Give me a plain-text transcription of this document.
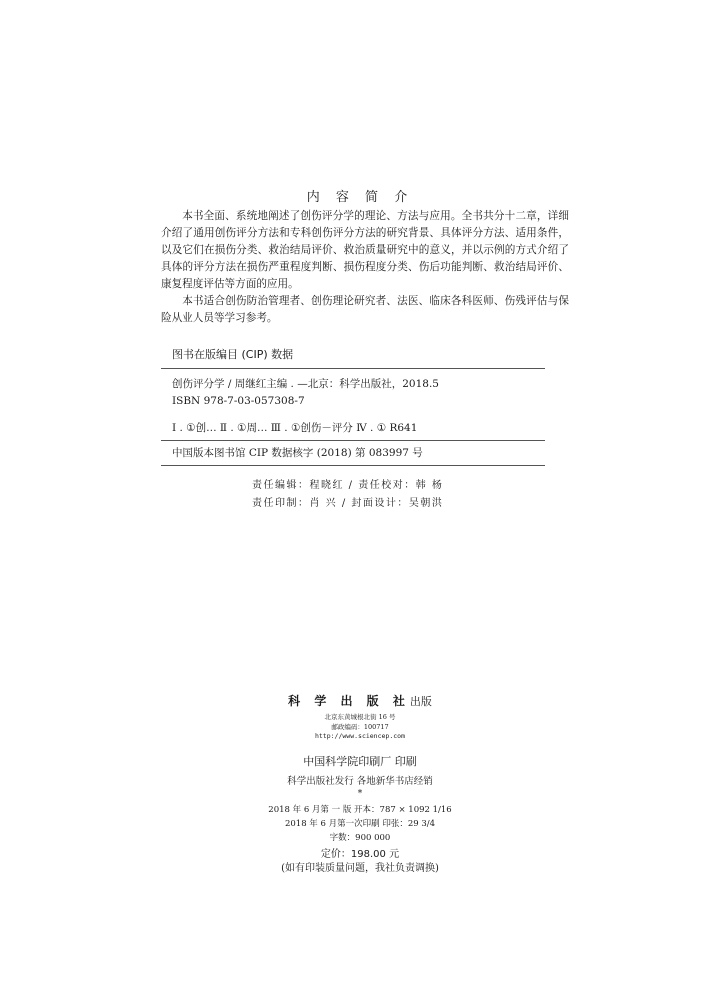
内 容 简 介

本书全面、系统地阐述了创伤评分学的理论、方法与应用。全书共分十二章，详细介绍了通用创伤评分方法和专科创伤评分方法的研究背景、具体评分方法、适用条件，以及它们在损伤分类、救治结局评价、救治质量研究中的意义，并以示例的方式介绍了具体的评分方法在损伤严重程度判断、损伤程度分类、伤后功能判断、救治结局评价、康复程度评估等方面的应用。

本书适合创伤防治管理者、创伤理论研究者、法医、临床各科医师、伤残评估与保险从业人员等学习参考。

图书在版编目 (CIP) 数据
创伤评分学 / 周继红主编 . —北京：科学出版社，2018.5
ISBN 978-7-03-057308-7
Ⅰ . ①创… Ⅱ . ①周… Ⅲ . ①创伤－评分 Ⅳ . ① R641
中国版本图书馆 CIP 数据核字 (2018) 第 083997 号
责任编辑：程晓红 / 责任校对：韩 杨
责任印制：肖 兴 / 封面设计：吴朝洪
科 学 出 版 社出版
北京东黄城根北街 16 号
邮政编码：100717
http://www.sciencep.com
中国科学院印刷厂 印刷
科学出版社发行 各地新华书店经销
*
2018 年 6 月第 一 版 开本：787 × 1092 1/16
2018 年 6 月第一次印刷 印张：29 3/4
字数：900 000
定价：198.00 元
(如有印装质量问题，我社负责调换)
